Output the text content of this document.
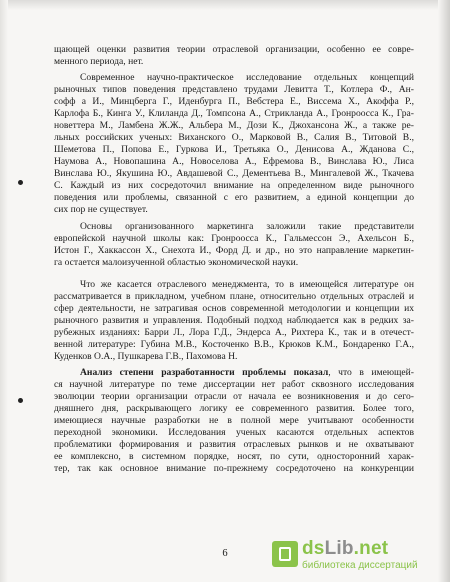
щающей оценки развития теории отраслевой организации, особенно ее совре-
менного периода, нет.
Современное научно-практическое исследование отдельных концепций
рыночных типов поведения представлено трудами Левитта Т., Котлера Ф., Ан-
софф а И., Минцберга Г., Иденбурга П., Вебстера Е., Виссема Х., Акоффа Р.,
Карлофа Б., Кинга У., Клиланда Д., Томпсона А., Стрикланда А., Гронроосса К., Гра-
новеттера М., Ламбена Ж.Ж., Альбера М., Дози К., Джохансона Ж., а также ре-
льных российских ученых: Виханского О., Марковой В., Салия В., Титовой В.,
Шеметова П., Попова Е., Гуркова И., Третьяка О., Денисова А., Жданова С.,
Наумова А., Новопашина А., Новоселова А., Ефремова В., Винслава Ю., Лиса
Винслава Ю., Якушина Ю., Авдашевой С., Дементьева В., Мингалевой Ж., Ткачева
С. Каждый из них сосредоточил внимание на определенном виде рыночного
поведения или проблемы, связанной с его развитием, а единой концепции до
сих пор не существует.
Основы организованного маркетинга заложили такие представители
европейской научной школы как: Гронроосса К., Гальмессон Э., Ахельсон Б.,
Истон Г., Хаккассон Х., Снехота И., Форд Д. и др., но это направление маркетин-
га остается малоизученной областью экономической науки.
Что же касается отраслевого менеджмента, то в имеющейся литературе он
рассматривается в прикладном, учебном плане, относительно отдельных отраслей и
сфер деятельности, не затрагивая основ современной методологии и концепции их
рыночного развития и управления. Подобный подход наблюдается как в редких за-
рубежных изданиях: Барри Л., Лора Г.Д., Эндерса А., Рихтера К., так и в отечест-
венной литературе: Губина М.В., Косточенко В.В., Крюков К.М., Бондаренко Г.А.,
Куденков О.А., Пушкарева Г.В., Пахомова Н.
Анализ степени разработанности проблемы показал, что в имеющей-
ся научной литературе по теме диссертации нет работ сквозного исследования
эволюции теории организации отрасли от начала ее возникновения и до сего-
дняшнего дня, раскрывающего логику ее современного развития. Более того,
имеющиеся научные разработки не в полной мере учитывают особенности
переходной экономики. Исследования ученых касаются отдельных аспектов
проблематики формирования и развития отраслевых рынков и не охватывают
ее комплексно, в системном порядке, носят, по сути, односторонний харак-
тер, так как основное внимание по-прежнему сосредоточено на конкуренции
6	dsLib.net
библиотека диссертаций
